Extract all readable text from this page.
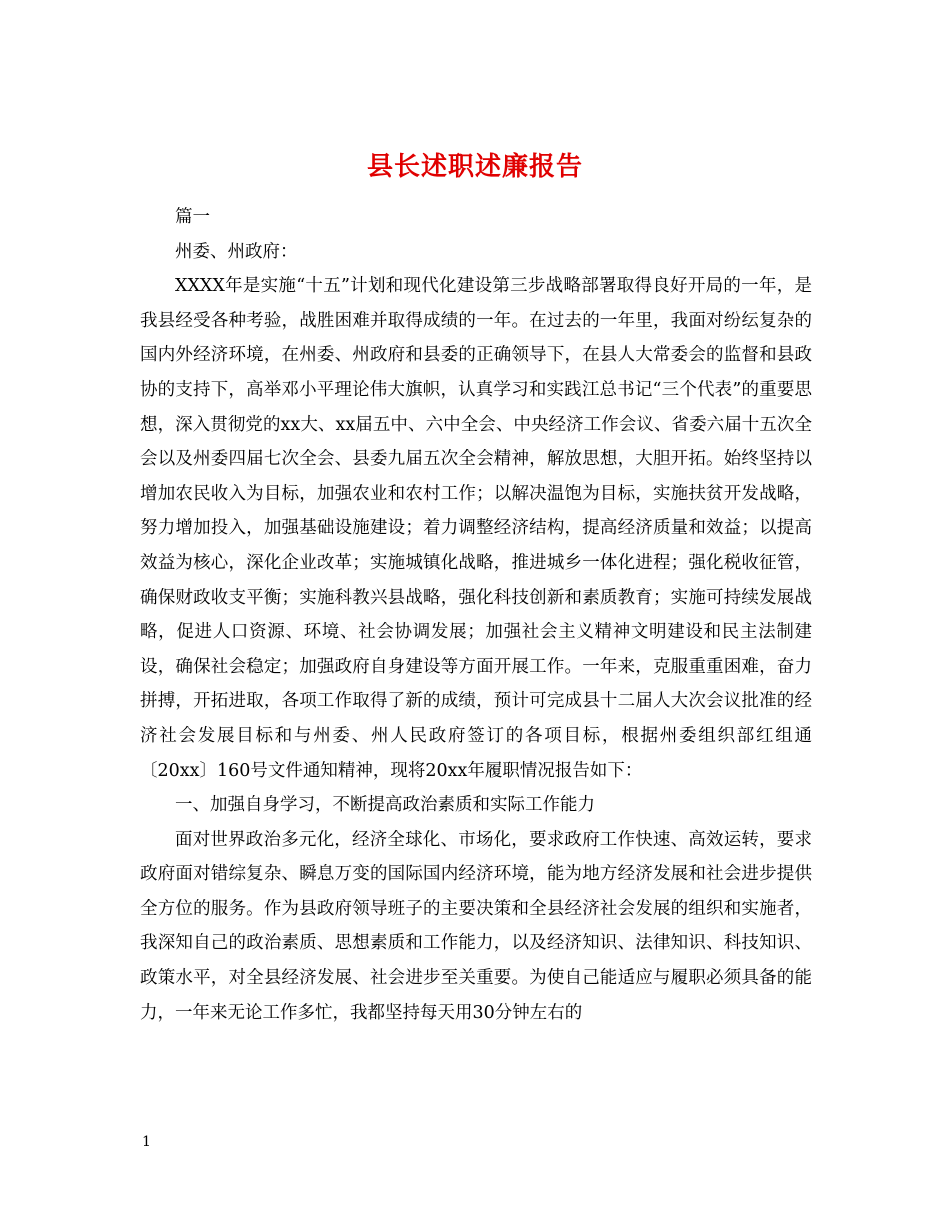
县长述职述廉报告

篇一

州委、州政府：

XXXX年是实施“十五”计划和现代化建设第三步战略部署取得良好开局的一年，是我县经受各种考验，战胜困难并取得成绩的一年。在过去的一年里，我面对纷纭复杂的国内外经济环境，在州委、州政府和县委的正确领导下，在县人大常委会的监督和县政协的支持下，高举邓小平理论伟大旗帜，认真学习和实践江总书记“三个代表”的重要思想，深入贯彻党的xx大、xx届五中、六中全会、中央经济工作会议、省委六届十五次全会以及州委四届七次全会、县委九届五次全会精神，解放思想，大胆开拓。始终坚持以增加农民收入为目标，加强农业和农村工作；以解决温饱为目标，实施扶贫开发战略，努力增加投入，加强基础设施建设；着力调整经济结构，提高经济质量和效益；以提高效益为核心，深化企业改革；实施城镇化战略，推进城乡一体化进程；强化税收征管，确保财政收支平衡；实施科教兴县战略，强化科技创新和素质教育；实施可持续发展战略，促进人口资源、环境、社会协调发展；加强社会主义精神文明建设和民主法制建设，确保社会稳定；加强政府自身建设等方面开展工作。一年来，克服重重困难，奋力拼搏，开拓进取，各项工作取得了新的成绩，预计可完成县十二届人大次会议批准的经济社会发展目标和与州委、州人民政府签订的各项目标，根据州委组织部红组通〔20xx〕160号文件通知精神，现将20xx年履职情况报告如下：

一、加强自身学习，不断提高政治素质和实际工作能力

面对世界政治多元化，经济全球化、市场化，要求政府工作快速、高效运转，要求政府面对错综复杂、瞬息万变的国际国内经济环境，能为地方经济发展和社会进步提供全方位的服务。作为县政府领导班子的主要决策和全县经济社会发展的组织和实施者，我深知自己的政治素质、思想素质和工作能力，以及经济知识、法律知识、科技知识、政策水平，对全县经济发展、社会进步至关重要。为使自己能适应与履职必须具备的能力，一年来无论工作多忙，我都坚持每天用30分钟左右的

1
